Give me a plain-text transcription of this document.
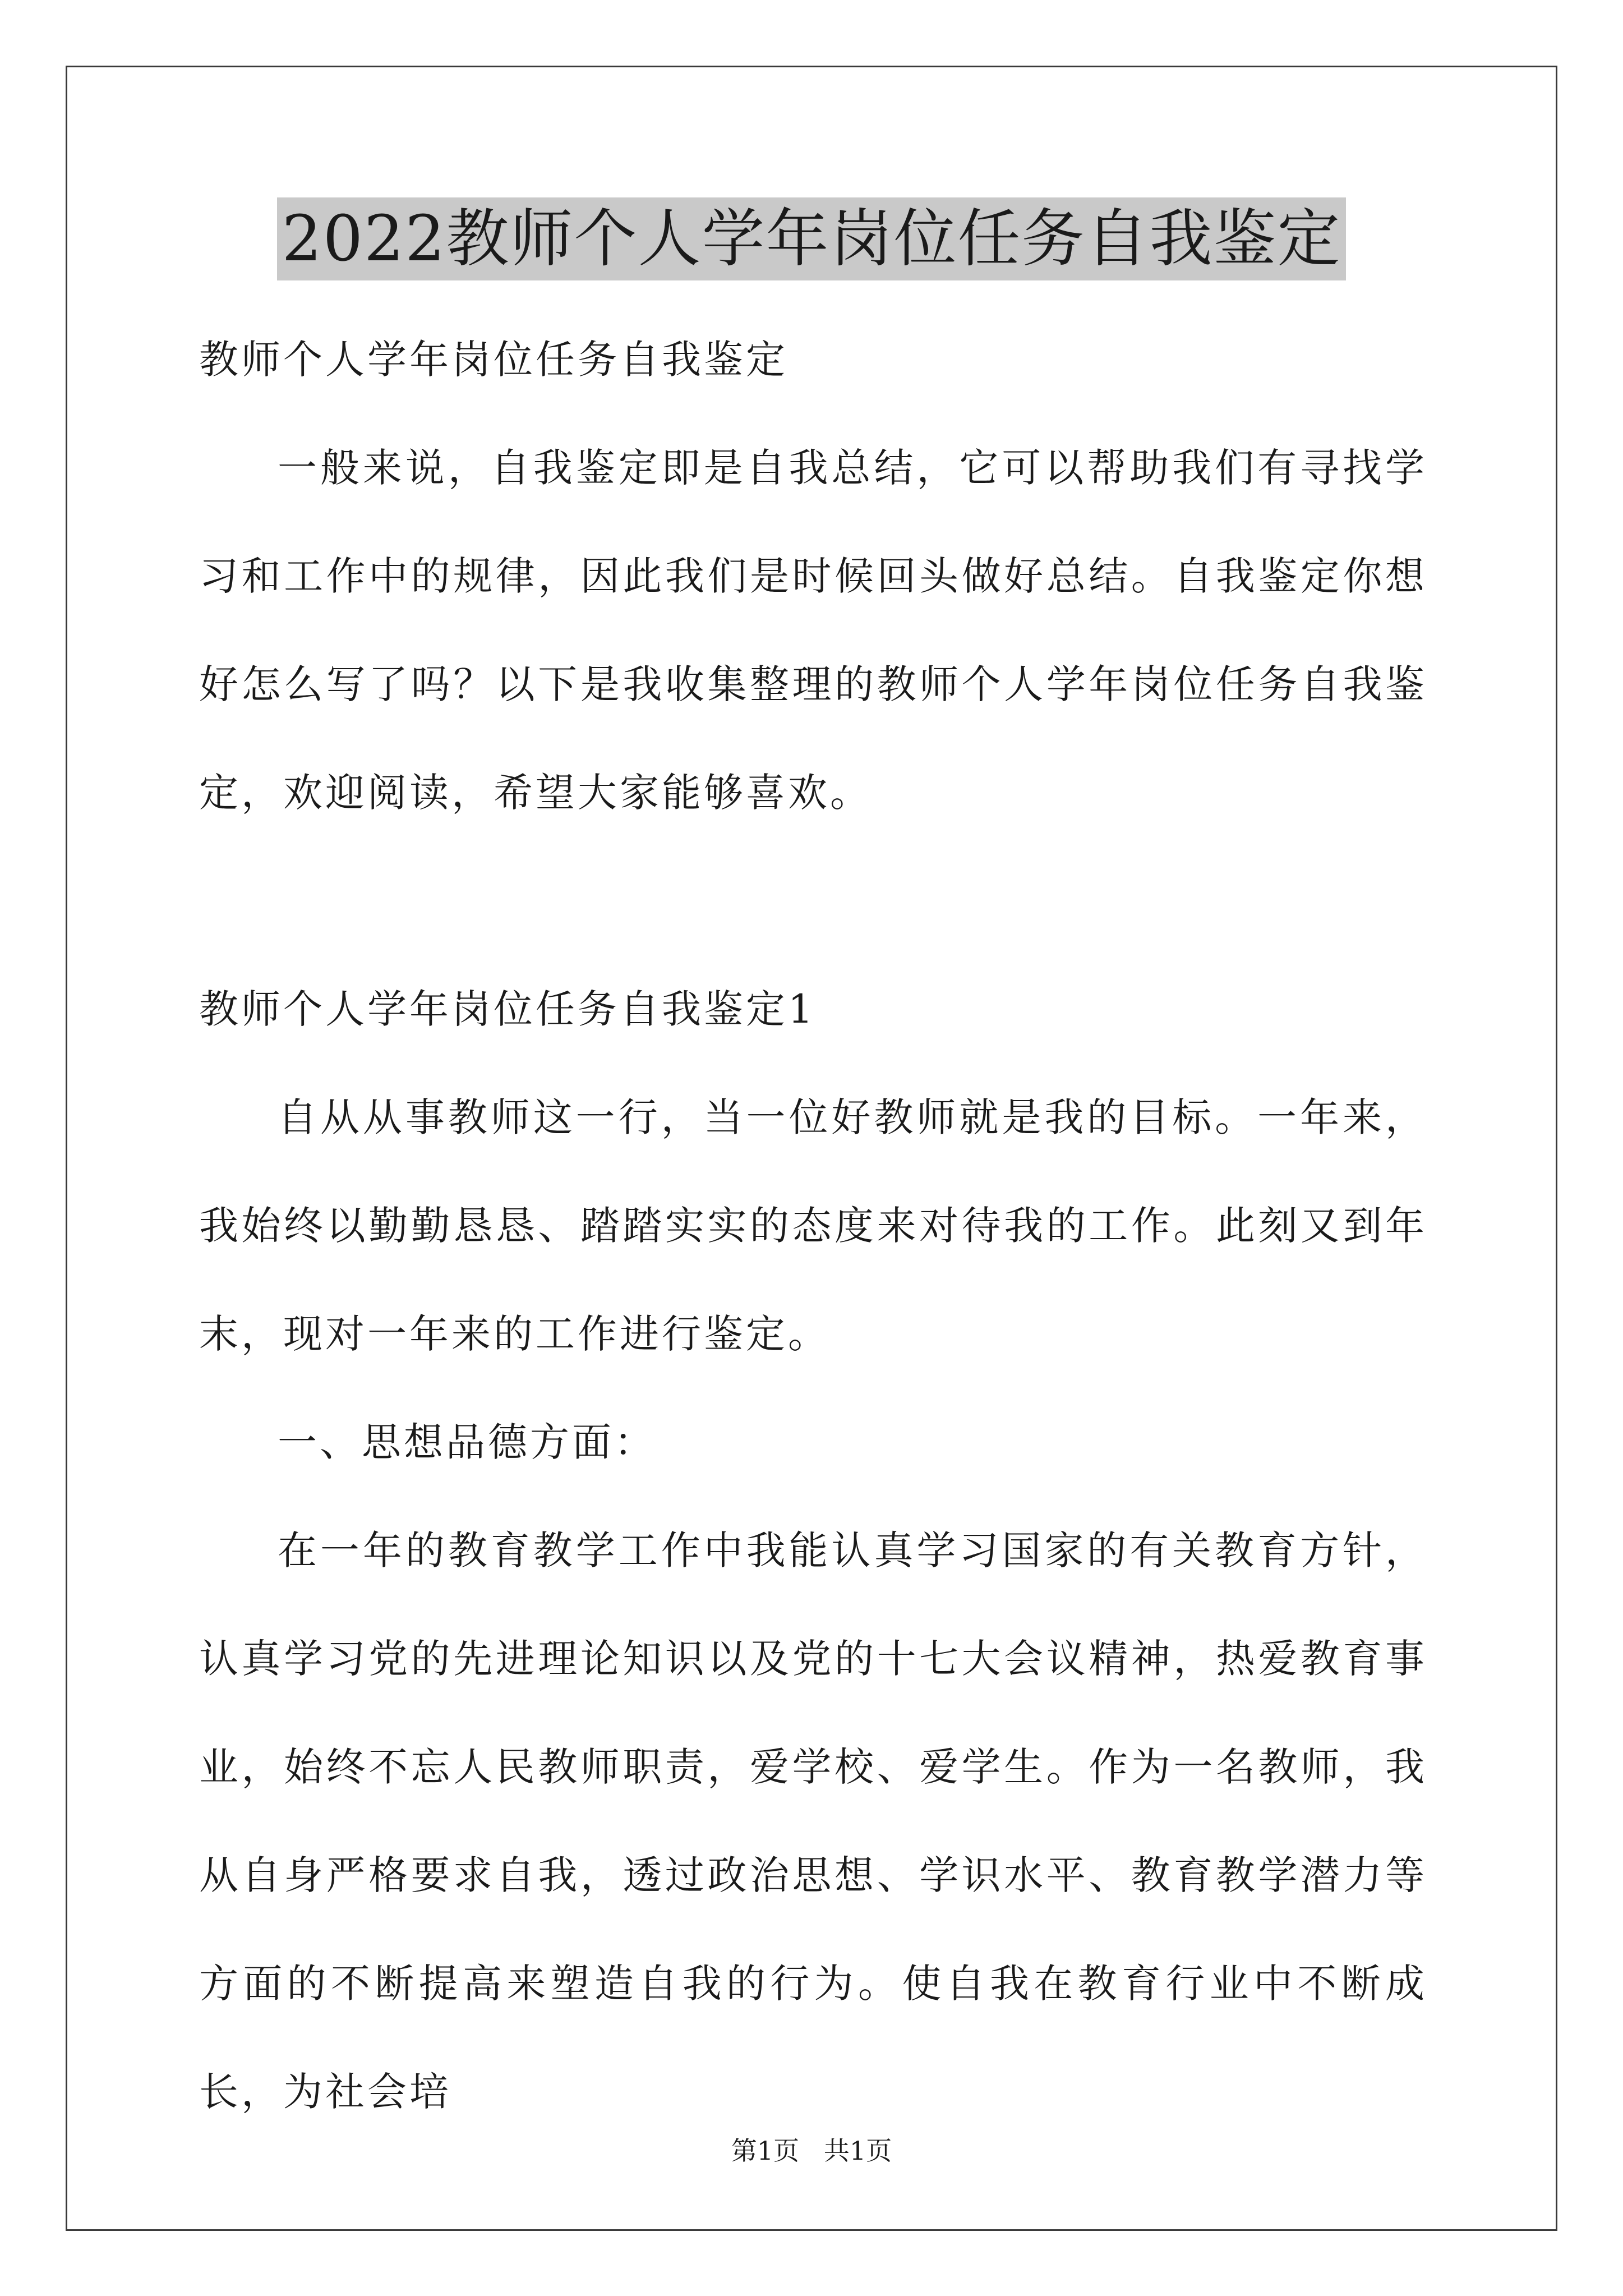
2022教师个人学年岗位任务自我鉴定

教师个人学年岗位任务自我鉴定

一般来说，自我鉴定即是自我总结，它可以帮助我们有寻找学习和工作中的规律，因此我们是时候回头做好总结。自我鉴定你想好怎么写了吗？以下是我收集整理的教师个人学年岗位任务自我鉴定，欢迎阅读，希望大家能够喜欢。

教师个人学年岗位任务自我鉴定1

自从从事教师这一行，当一位好教师就是我的目标。一年来，我始终以勤勤恳恳、踏踏实实的态度来对待我的工作。此刻又到年末，现对一年来的工作进行鉴定。

一、思想品德方面：

在一年的教育教学工作中我能认真学习国家的有关教育方针，认真学习党的先进理论知识以及党的十七大会议精神，热爱教育事业，始终不忘人民教师职责，爱学校、爱学生。作为一名教师，我从自身严格要求自我，透过政治思想、学识水平、教育教学潜力等方面的不断提高来塑造自我的行为。使自我在教育行业中不断成长，为社会培

第1页   共1页
